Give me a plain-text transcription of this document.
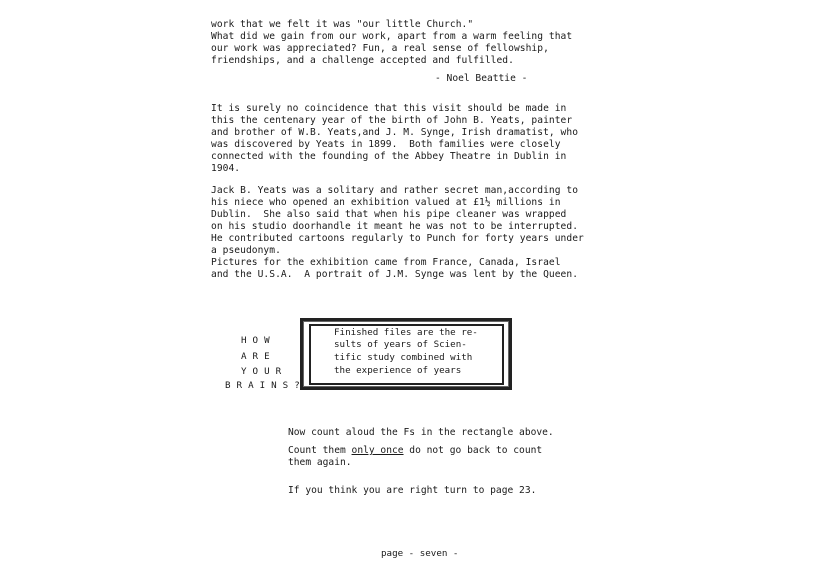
work that we felt it was "our little Church."
What did we gain from our work, apart from a warm feeling that
our work was appreciated? Fun, a real sense of fellowship,
friendships, and a challenge accepted and fulfilled.
- Noel Beattie -
It is surely no coincidence that this visit should be made in
this the centenary year of the birth of John B. Yeats, painter
and brother of W.B. Yeats,and J. M. Synge, Irish dramatist, who
was discovered by Yeats in 1899.  Both families were closely
connected with the founding of the Abbey Theatre in Dublin in
1904.
Jack B. Yeats was a solitary and rather secret man,according to
his niece who opened an exhibition valued at £1½ millions in
Dublin.  She also said that when his pipe cleaner was wrapped
on his studio doorhandle it meant he was not to be interrupted.
He contributed cartoons regularly to Punch for forty years under
a pseudonym.
Pictures for the exhibition came from France, Canada, Israel
and the U.S.A.  A portrait of J.M. Synge was lent by the Queen.
HOW
ARE
YOUR
BRAINS?
Finished files are the re-
sults of years of Scien-
tific study combined with
the experience of years
Now count aloud the Fs in the rectangle above.
Count them only once do not go back to count
them again.
If you think you are right turn to page 23.
page - seven -
